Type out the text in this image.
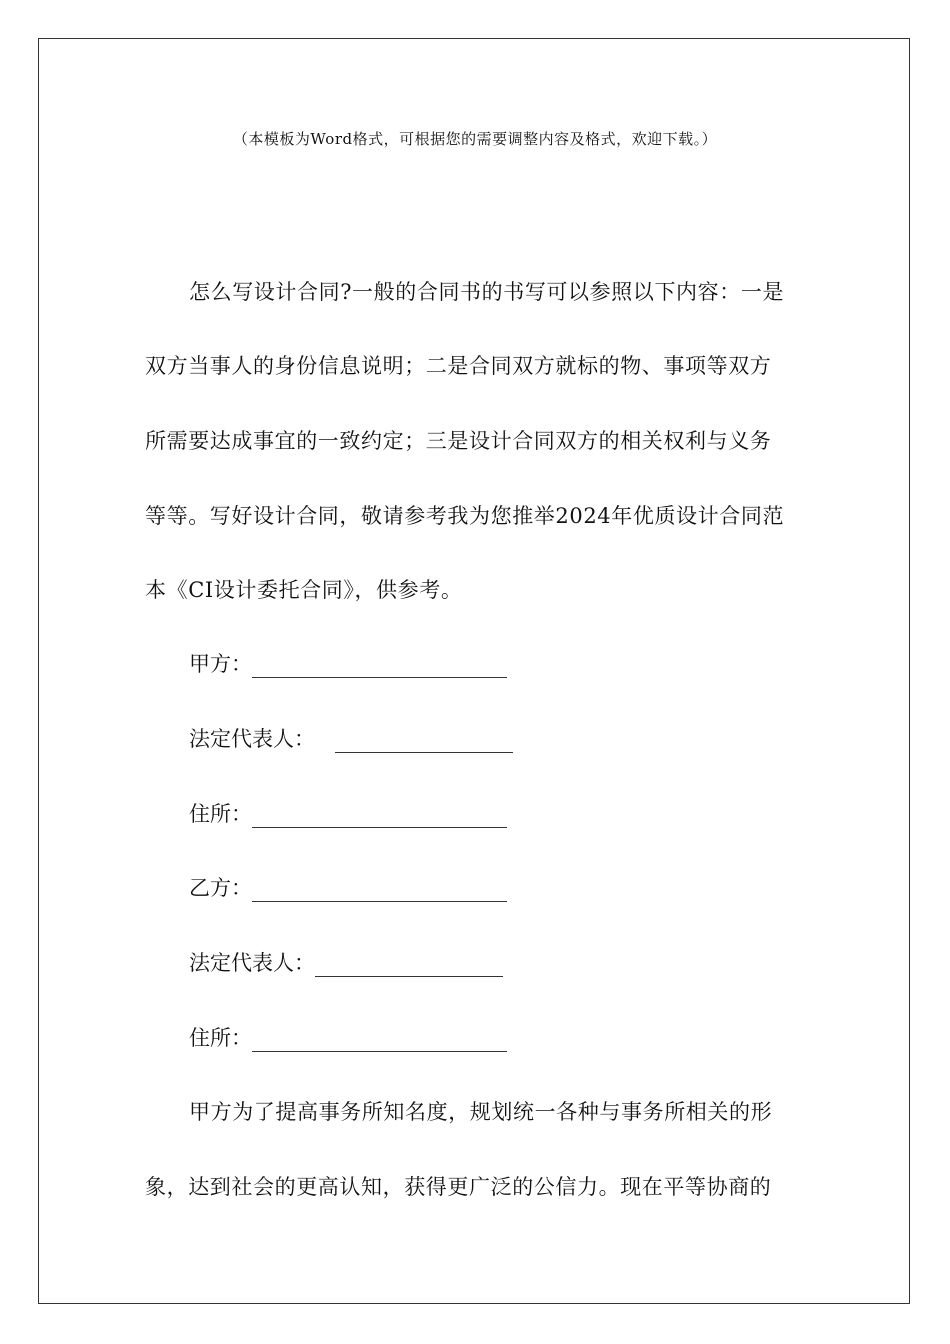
（本模板为Word格式，可根据您的需要调整内容及格式，欢迎下载。）
怎么写设计合同?一般的合同书的书写可以参照以下内容：一是
双方当事人的身份信息说明；二是合同双方就标的物、事项等双方
所需要达成事宜的一致约定；三是设计合同双方的相关权利与义务
等等。写好设计合同，敬请参考我为您推举2024年优质设计合同范
本《CI设计委托合同》，供参考。
甲方：
法定代表人：
住所：
乙方：
法定代表人：
住所：
甲方为了提高事务所知名度，规划统一各种与事务所相关的形
象，达到社会的更高认知，获得更广泛的公信力。现在平等协商的
